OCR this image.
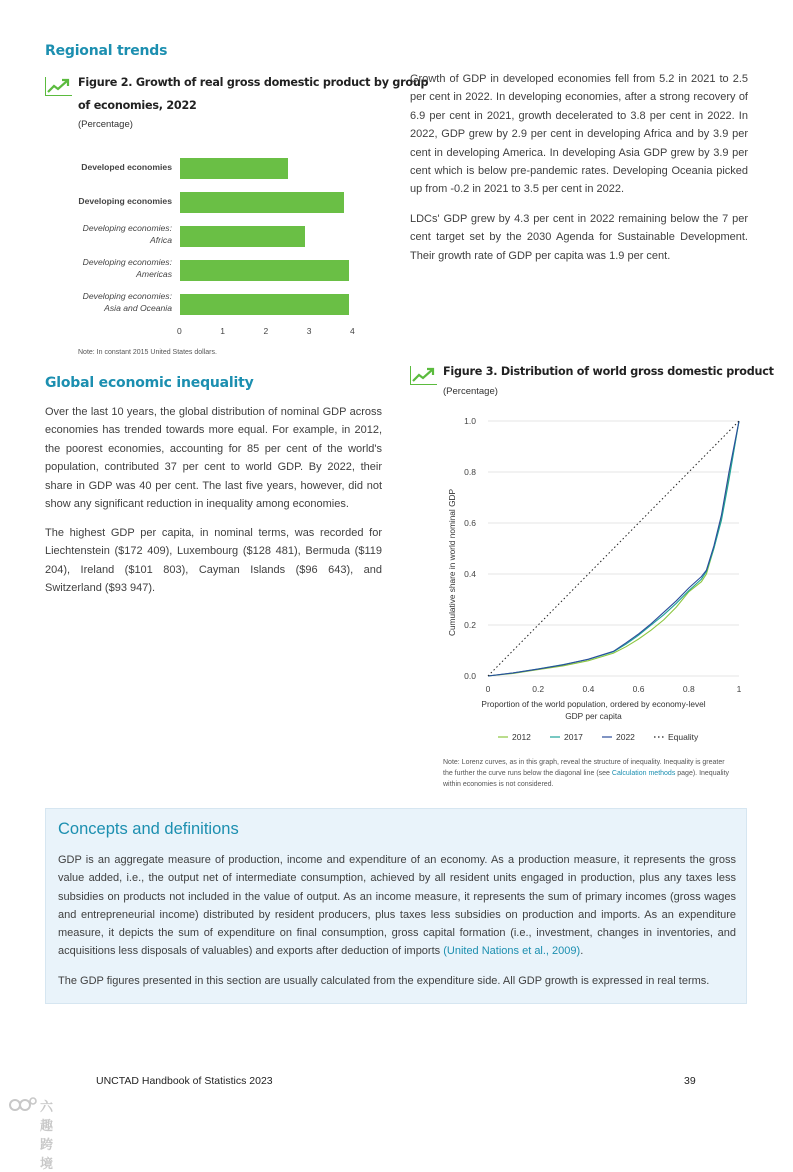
Regional trends
Figure 2. Growth of real gross domestic product by group
of economies, 2022
(Percentage)
Developed economies
Developing economies
Developing economies:
Africa
Developing economies:
Americas
Developing economies:
Asia and Oceania
0	1	2	3	4
Note: In constant 2015 United States dollars.
Growth of GDP in developed economies fell from 5.2 in 2021 to 2.5 per cent in 2022. In developing economies, after a strong recovery of 6.9 per cent in 2021, growth decelerated to 3.8 per cent in 2022. In 2022, GDP grew by 2.9 per cent in developing Africa and by 3.9 per cent in developing America. In developing Asia GDP grew by 3.9 per cent which is below pre-pandemic rates. Developing Oceania picked up from -0.2 in 2021 to 3.5 per cent in 2022.
LDCs' GDP grew by 4.3 per cent in 2022 remaining below the 7 per cent target set by the 2030 Agenda for Sustainable Development. Their growth rate of GDP per capita was 1.9 per cent.
Global economic inequality
Over the last 10 years, the global distribution of nominal GDP across economies has trended towards more equal. For example, in 2012, the poorest economies, accounting for 85 per cent of the world's population, contributed 37 per cent to world GDP. By 2022, their share in GDP was 40 per cent. The last five years, however, did not show any significant reduction in inequality among economies.
The highest GDP per capita, in nominal terms, was recorded for Liechtenstein ($172 409), Luxembourg ($128 481), Bermuda ($119 204), Ireland ($101 803), Cayman Islands ($96 643), and Switzerland ($93 947).
Figure 3. Distribution of world gross domestic product
(Percentage)
0.0
0.2
0.4
0.6
0.8
1.0
0	0.2	0.4	0.6	0.8	1
Cumulative share in world nominal GDP
Proportion of the world population, ordered by economy-level
GDP per capita
2012	2017	2022	Equality
Note: Lorenz curves, as in this graph, reveal the structure of inequality. Inequality is greater
the further the curve runs below the diagonal line (see Calculation methods page). Inequality
within economies is not considered.
Concepts and definitions
GDP is an aggregate measure of production, income and expenditure of an economy. As a production measure, it represents the gross value added, i.e., the output net of intermediate consumption, achieved by all resident units engaged in production, plus any taxes less subsidies on products not included in the value of output. As an income measure, it represents the sum of primary incomes (gross wages and entrepreneurial income) distributed by resident producers, plus taxes less subsidies on production and imports. As an expenditure measure, it depicts the sum of expenditure on final consumption, gross capital formation (i.e., investment, changes in inventories, and acquisitions less disposals of valuables) and exports after deduction of imports (United Nations et al., 2009).
The GDP figures presented in this section are usually calculated from the expenditure side. All GDP growth is expressed in real terms.
UNCTAD Handbook of Statistics 2023	39
六趣跨境
